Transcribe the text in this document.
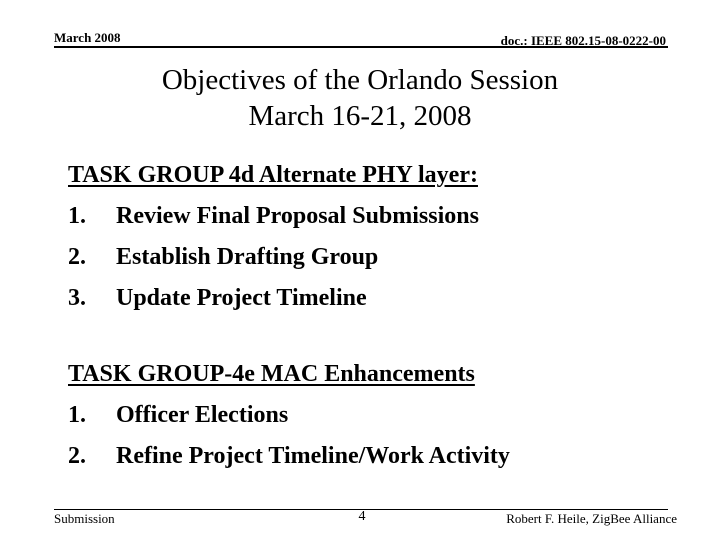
March 2008	doc.: IEEE 802.15-08-0222-00
Objectives of the Orlando Session
March 16-21, 2008
TASK GROUP 4d Alternate PHY layer:
1. Review Final Proposal Submissions
2. Establish Drafting Group
3. Update Project Timeline
TASK GROUP-4e MAC Enhancements
1. Officer Elections
2. Refine Project Timeline/Work Activity
Submission	4	Robert F. Heile, ZigBee Alliance
